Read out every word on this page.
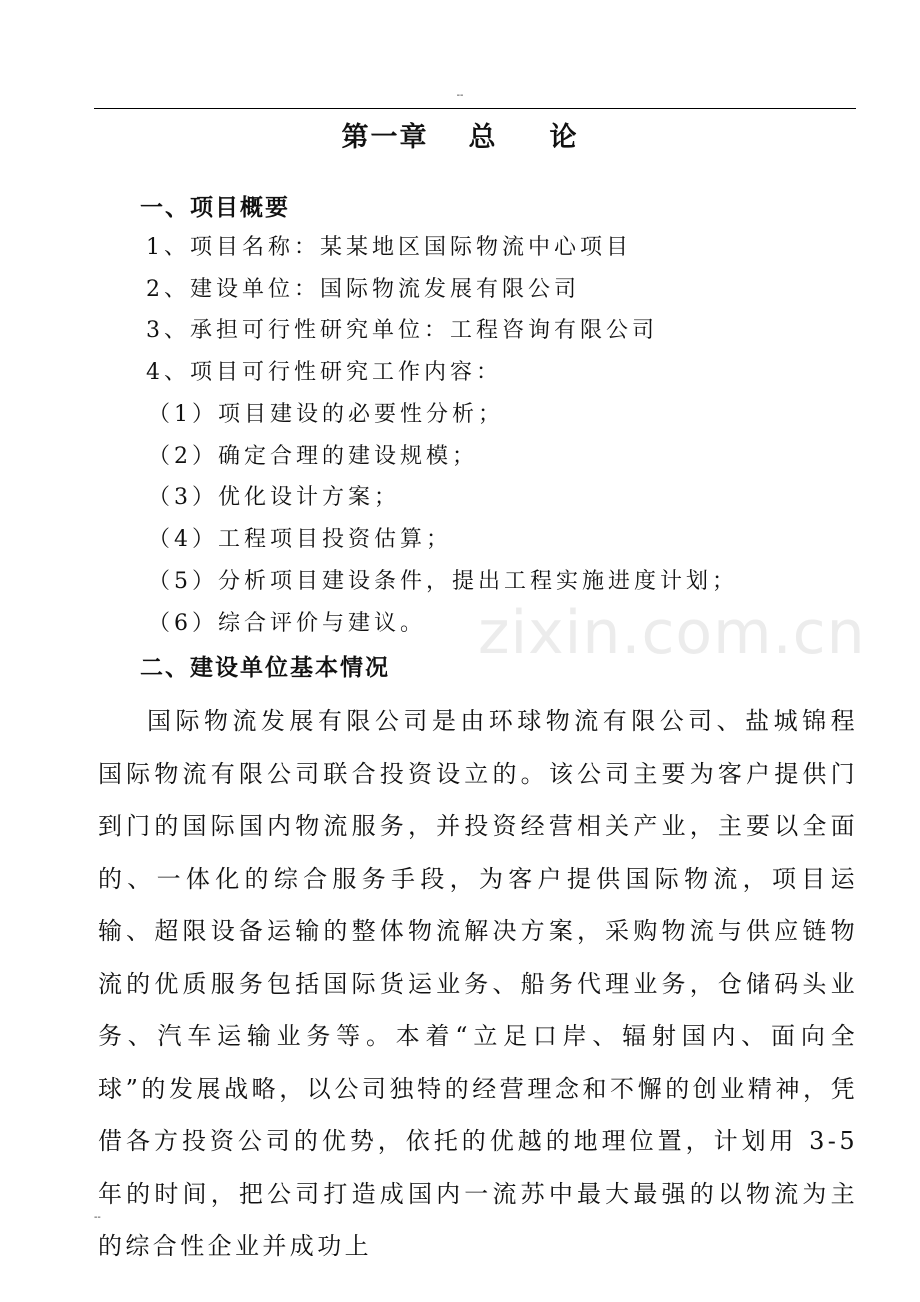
--
第一章 总 论
一、项目概要
1、项目名称：某某地区国际物流中心项目
2、建设单位：国际物流发展有限公司
3、承担可行性研究单位：工程咨询有限公司
4、项目可行性研究工作内容：
（1）项目建设的必要性分析；
（2）确定合理的建设规模；
（3）优化设计方案；
（4）工程项目投资估算；
（5）分析项目建设条件，提出工程实施进度计划；
（6）综合评价与建议。 zixin.com.cn
二、建设单位基本情况
国际物流发展有限公司是由环球物流有限公司、盐城锦程国际物流有限公司联合投资设立的。该公司主要为客户提供门到门的国际国内物流服务，并投资经营相关产业，主要以全面的、一体化的综合服务手段，为客户提供国际物流，项目运输、超限设备运输的整体物流解决方案，采购物流与供应链物流的优质服务包括国际货运业务、船务代理业务，仓储码头业务、汽车运输业务等。本着“立足口岸、辐射国内、面向全球”的发展战略，以公司独特的经营理念和不懈的创业精神，凭借各方投资公司的优势，依托的优越的地理位置，计划用 3-5 年的时间，把公司打造成国内一流苏中最大最强的以物流为主的综合性企业并成功上
--
